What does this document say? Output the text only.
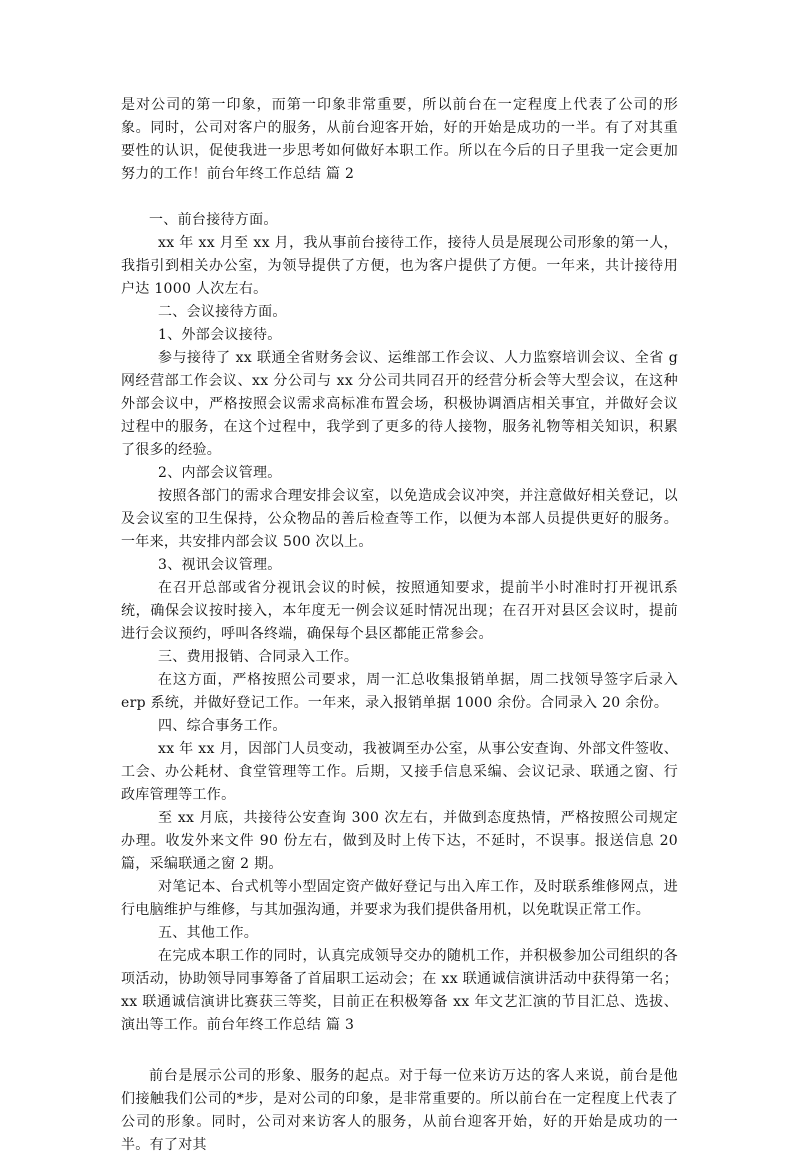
是对公司的第一印象，而第一印象非常重要，所以前台在一定程度上代表了公司的形象。同时，公司对客户的服务，从前台迎客开始，好的开始是成功的一半。有了对其重要性的认识，促使我进一步思考如何做好本职工作。所以在今后的日子里我一定会更加努力的工作！前台年终工作总结 篇 2

一、前台接待方面。

xx 年 xx 月至 xx 月，我从事前台接待工作，接待人员是展现公司形象的第一人，我指引到相关办公室，为领导提供了方便，也为客户提供了方便。一年来，共计接待用户达 1000 人次左右。

二、会议接待方面。

1、外部会议接待。

参与接待了 xx 联通全省财务会议、运维部工作会议、人力监察培训会议、全省 g 网经营部工作会议、xx 分公司与 xx 分公司共同召开的经营分析会等大型会议，在这种外部会议中，严格按照会议需求高标准布置会场，积极协调酒店相关事宜，并做好会议过程中的服务，在这个过程中，我学到了更多的待人接物，服务礼物等相关知识，积累了很多的经验。

2、内部会议管理。

按照各部门的需求合理安排会议室，以免造成会议冲突，并注意做好相关登记，以及会议室的卫生保持，公众物品的善后检查等工作，以便为本部人员提供更好的服务。一年来，共安排内部会议 500 次以上。

3、视讯会议管理。

在召开总部或省分视讯会议的时候，按照通知要求，提前半小时准时打开视讯系统，确保会议按时接入，本年度无一例会议延时情况出现；在召开对县区会议时，提前进行会议预约，呼叫各终端，确保每个县区都能正常参会。

三、费用报销、合同录入工作。

在这方面，严格按照公司要求，周一汇总收集报销单据，周二找领导签字后录入 erp 系统，并做好登记工作。一年来，录入报销单据 1000 余份。合同录入 20 余份。

四、综合事务工作。

xx 年 xx 月，因部门人员变动，我被调至办公室，从事公安查询、外部文件签收、工会、办公耗材、食堂管理等工作。后期，又接手信息采编、会议记录、联通之窗、行政库管理等工作。

至 xx 月底，共接待公安查询 300 次左右，并做到态度热情，严格按照公司规定办理。收发外来文件 90 份左右，做到及时上传下达，不延时，不误事。报送信息 20 篇，采编联通之窗 2 期。

对笔记本、台式机等小型固定资产做好登记与出入库工作，及时联系维修网点，进行电脑维护与维修，与其加强沟通，并要求为我们提供备用机，以免耽误正常工作。

五、其他工作。

在完成本职工作的同时，认真完成领导交办的随机工作，并积极参加公司组织的各项活动，协助领导同事筹备了首届职工运动会；在 xx 联通诚信演讲活动中获得第一名；xx 联通诚信演讲比赛获三等奖，目前正在积极筹备 xx 年文艺汇演的节目汇总、选拔、演出等工作。前台年终工作总结 篇 3

前台是展示公司的形象、服务的起点。对于每一位来访万达的客人来说，前台是他们接触我们公司的*步，是对公司的印象，是非常重要的。所以前台在一定程度上代表了公司的形象。同时，公司对来访客人的服务，从前台迎客开始，好的开始是成功的一半。有了对其
